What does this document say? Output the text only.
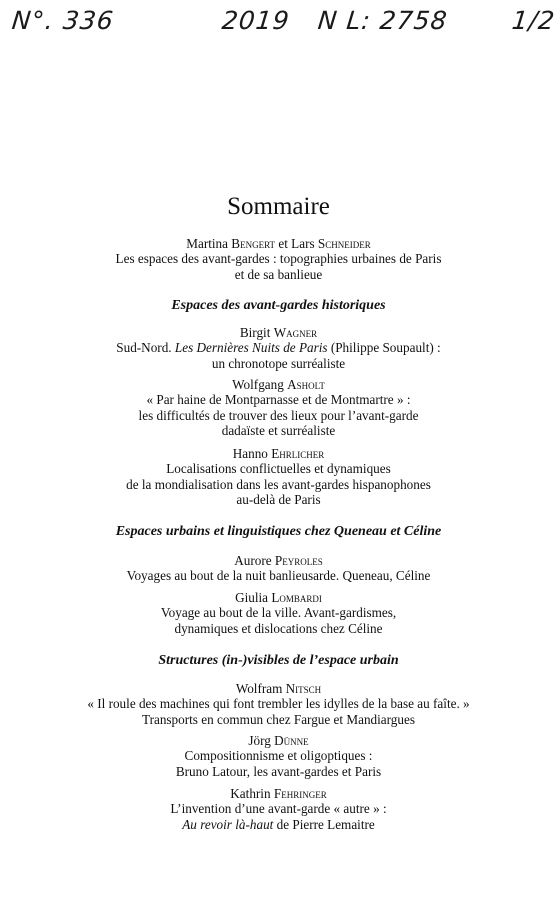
N°. 336	2019 N L: 2758 1/2
Sommaire
Martina Bengert et Lars Schneider
Les espaces des avant-gardes : topographies urbaines de Paris
et de sa banlieue
Espaces des avant-gardes historiques
Birgit Wagner
Sud-Nord. Les Dernières Nuits de Paris (Philippe Soupault) :
un chronotope surréaliste
Wolfgang Asholt
« Par haine de Montparnasse et de Montmartre » :
les difficultés de trouver des lieux pour l’avant-garde
dadaïste et surréaliste
Hanno Ehrlicher
Localisations conflictuelles et dynamiques
de la mondialisation dans les avant-gardes hispanophones
au-delà de Paris
Espaces urbains et linguistiques chez Queneau et Céline
Aurore Peyroles
Voyages au bout de la nuit banlieusarde. Queneau, Céline
Giulia Lombardi
Voyage au bout de la ville. Avant-gardismes,
dynamiques et dislocations chez Céline
Structures (in-)visibles de l’espace urbain
Wolfram Nitsch
« Il roule des machines qui font trembler les idylles de la base au faîte. »
Transports en commun chez Fargue et Mandiargues
Jörg Dünne
Compositionnisme et oligoptiques :
Bruno Latour, les avant-gardes et Paris
Kathrin Fehringer
L’invention d’une avant-garde « autre » :
Au revoir là-haut de Pierre Lemaitre
